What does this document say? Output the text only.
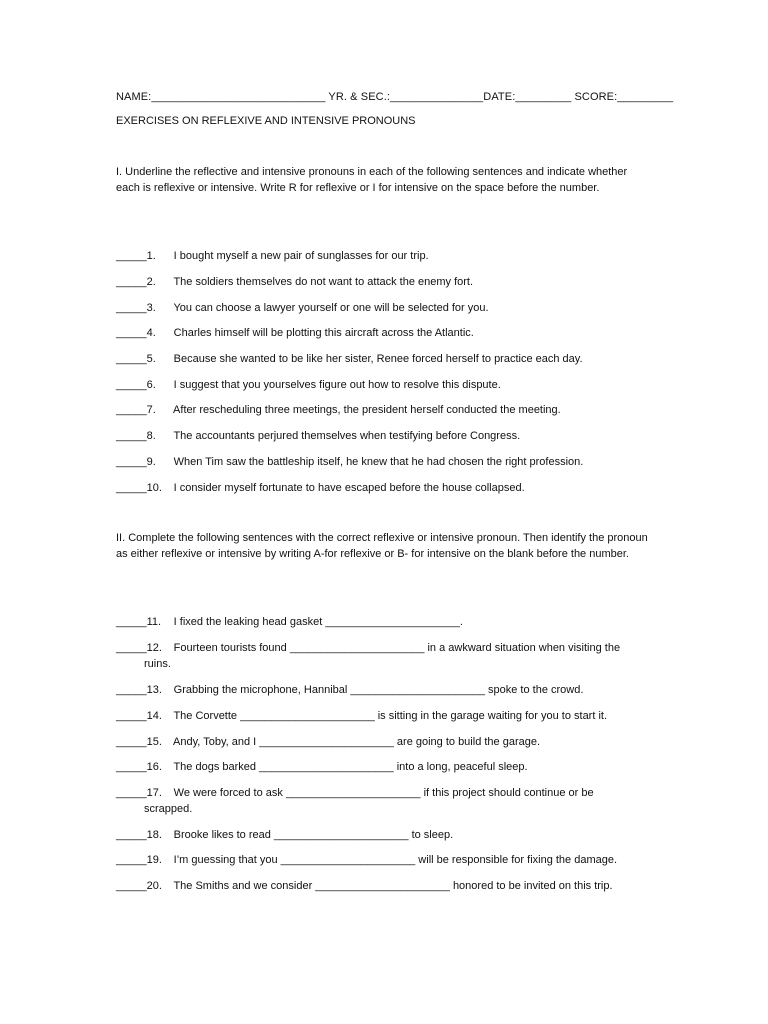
NAME:____________________________ YR. & SEC.:_______________DATE:_________ SCORE:_________
EXERCISES ON REFLEXIVE AND INTENSIVE PRONOUNS
I. Underline the reflective and intensive pronouns in each of the following sentences and indicate whether each is reflexive or intensive. Write R for reflexive or I for intensive on the space before the number.
_____1. I bought myself a new pair of sunglasses for our trip.
_____2. The soldiers themselves do not want to attack the enemy fort.
_____3. You can choose a lawyer yourself or one will be selected for you.
_____4. Charles himself will be plotting this aircraft across the Atlantic.
_____5. Because she wanted to be like her sister, Renee forced herself to practice each day.
_____6. I suggest that you yourselves figure out how to resolve this dispute.
_____7. After rescheduling three meetings, the president herself conducted the meeting.
_____8. The accountants perjured themselves when testifying before Congress.
_____9. When Tim saw the battleship itself, he knew that he had chosen the right profession.
_____10. I consider myself fortunate to have escaped before the house collapsed.
II. Complete the following sentences with the correct reflexive or intensive pronoun. Then identify the pronoun as either reflexive or intensive by writing A-for reflexive or B- for intensive on the blank before the number.
_____11. I fixed the leaking head gasket ______________________.
_____12. Fourteen tourists found ______________________ in a awkward situation when visiting the
ruins.
_____13. Grabbing the microphone, Hannibal ______________________ spoke to the crowd.
_____14. The Corvette ______________________ is sitting in the garage waiting for you to start it.
_____15. Andy, Toby, and I ______________________ are going to build the garage.
_____16. The dogs barked ______________________ into a long, peaceful sleep.
_____17. We were forced to ask ______________________ if this project should continue or be
scrapped.
_____18. Brooke likes to read ______________________ to sleep.
_____19. I’m guessing that you ______________________ will be responsible for fixing the damage.
_____20. The Smiths and we consider ______________________ honored to be invited on this trip.
